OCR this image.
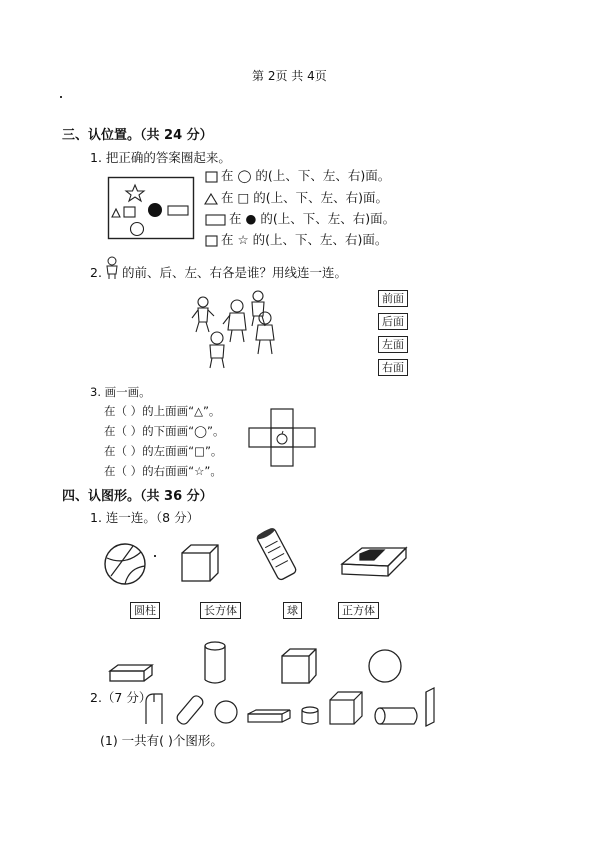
第 2页 共 4页
三、认位置。（共 24 分）
1. 把正确的答案圈起来。
在 ◯ 的(上、下、左、右)面。
在 □ 的(上、下、左、右)面。
在 ● 的(上、下、左、右)面。
在 ☆ 的(上、下、左、右)面。
2. 的前、后、左、右各是谁？用线连一连。
前面
后面
左面
右面
3. 画一画。
在（ ）的上面画“△”。
在（ ）的下面画“◯”。
在（ ）的左面画“□”。
在（ ）的右面画“☆”。
四、认图形。（共 36 分）
1. 连一连。（8 分）
圆柱	长方体	球	正方体
2.（7 分）
(1) 一共有( )个图形。
